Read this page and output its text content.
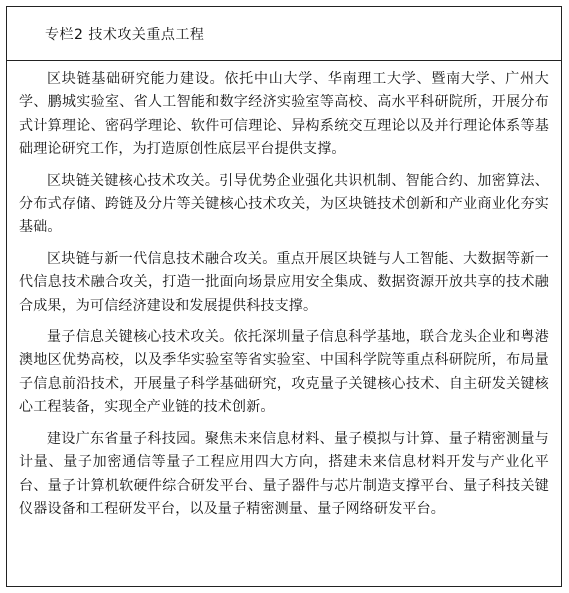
专栏2 技术攻关重点工程

区块链基础研究能力建设。依托中山大学、华南理工大学、暨南大学、广州大学、鹏城实验室、省人工智能和数字经济实验室等高校、高水平科研院所，开展分布式计算理论、密码学理论、软件可信理论、异构系统交互理论以及并行理论体系等基础理论研究工作，为打造原创性底层平台提供支撑。

区块链关键核心技术攻关。引导优势企业强化共识机制、智能合约、加密算法、分布式存储、跨链及分片等关键核心技术攻关，为区块链技术创新和产业商业化夯实基础。

区块链与新一代信息技术融合攻关。重点开展区块链与人工智能、大数据等新一代信息技术融合攻关，打造一批面向场景应用安全集成、数据资源开放共享的技术融合成果，为可信经济建设和发展提供科技支撑。

量子信息关键核心技术攻关。依托深圳量子信息科学基地，联合龙头企业和粤港澳地区优势高校，以及季华实验室等省实验室、中国科学院等重点科研院所，布局量子信息前沿技术，开展量子科学基础研究，攻克量子关键核心技术、自主研发关键核心工程装备，实现全产业链的技术创新。

建设广东省量子科技园。聚焦未来信息材料、量子模拟与计算、量子精密测量与计量、量子加密通信等量子工程应用四大方向，搭建未来信息材料开发与产业化平台、量子计算机软硬件综合研发平台、量子器件与芯片制造支撑平台、量子科技关键仪器设备和工程研发平台，以及量子精密测量、量子网络研发平台。
